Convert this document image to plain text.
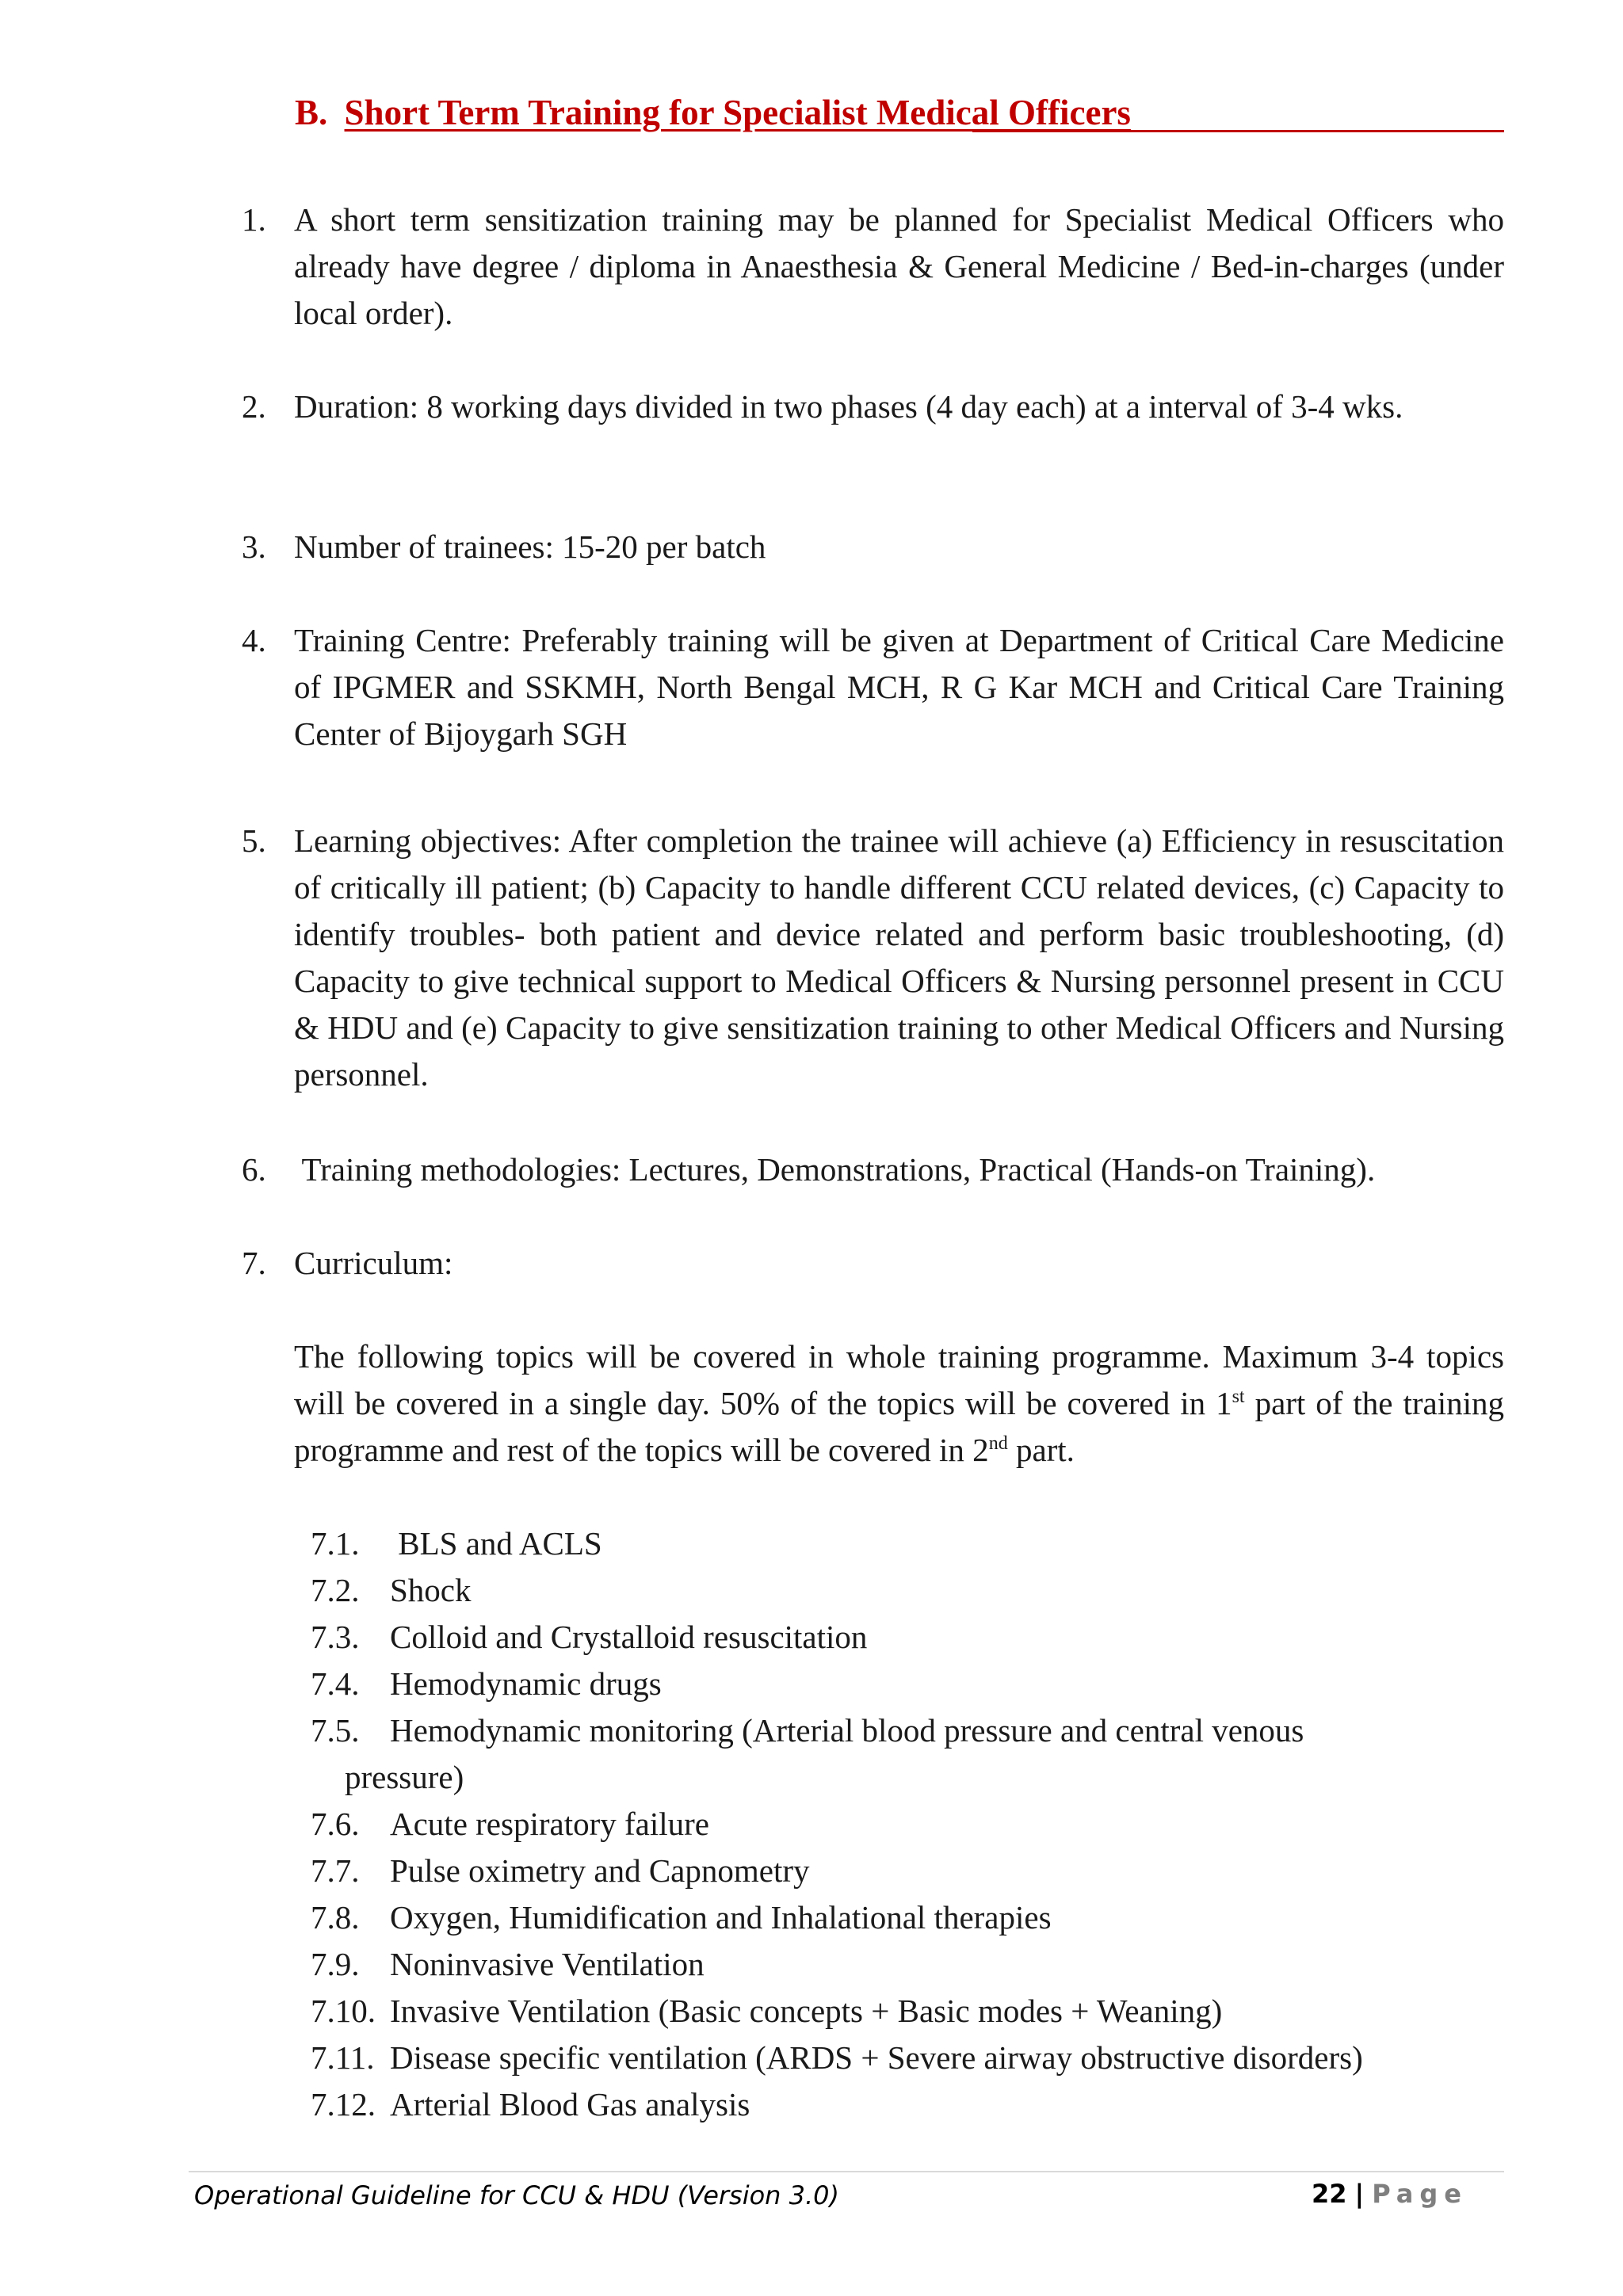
B. Short Term Training for Specialist Medical Officers
1. A short term sensitization training may be planned for Specialist Medical Officers who already have degree / diploma in Anaesthesia & General Medicine / Bed-in-charges (under local order).
2. Duration: 8 working days divided in two phases (4 day each) at a interval of 3-4 wks.
3. Number of trainees: 15-20 per batch
4. Training Centre: Preferably training will be given at Department of Critical Care Medicine of IPGMER and SSKMH, North Bengal MCH, R G Kar MCH and Critical Care Training Center of Bijoygarh SGH
5. Learning objectives: After completion the trainee will achieve (a) Efficiency in resuscitation of critically ill patient; (b) Capacity to handle different CCU related devices, (c) Capacity to identify troubles- both patient and device related and perform basic troubleshooting, (d) Capacity to give technical support to Medical Officers & Nursing personnel present in CCU & HDU and (e) Capacity to give sensitization training to other Medical Officers and Nursing personnel.
6. Training methodologies: Lectures, Demonstrations, Practical (Hands-on Training).
7. Curriculum:
The following topics will be covered in whole training programme. Maximum 3-4 topics will be covered in a single day. 50% of the topics will be covered in 1st part of the training programme and rest of the topics will be covered in 2nd part.
7.1. BLS and ACLS
7.2. Shock
7.3. Colloid and Crystalloid resuscitation
7.4. Hemodynamic drugs
7.5. Hemodynamic monitoring (Arterial blood pressure and central venous
pressure)
7.6. Acute respiratory failure
7.7. Pulse oximetry and Capnometry
7.8. Oxygen, Humidification and Inhalational therapies
7.9. Noninvasive Ventilation
7.10. Invasive Ventilation (Basic concepts + Basic modes + Weaning)
7.11. Disease specific ventilation (ARDS + Severe airway obstructive disorders)
7.12. Arterial Blood Gas analysis
Operational Guideline for CCU & HDU (Version 3.0)	22 | Page
